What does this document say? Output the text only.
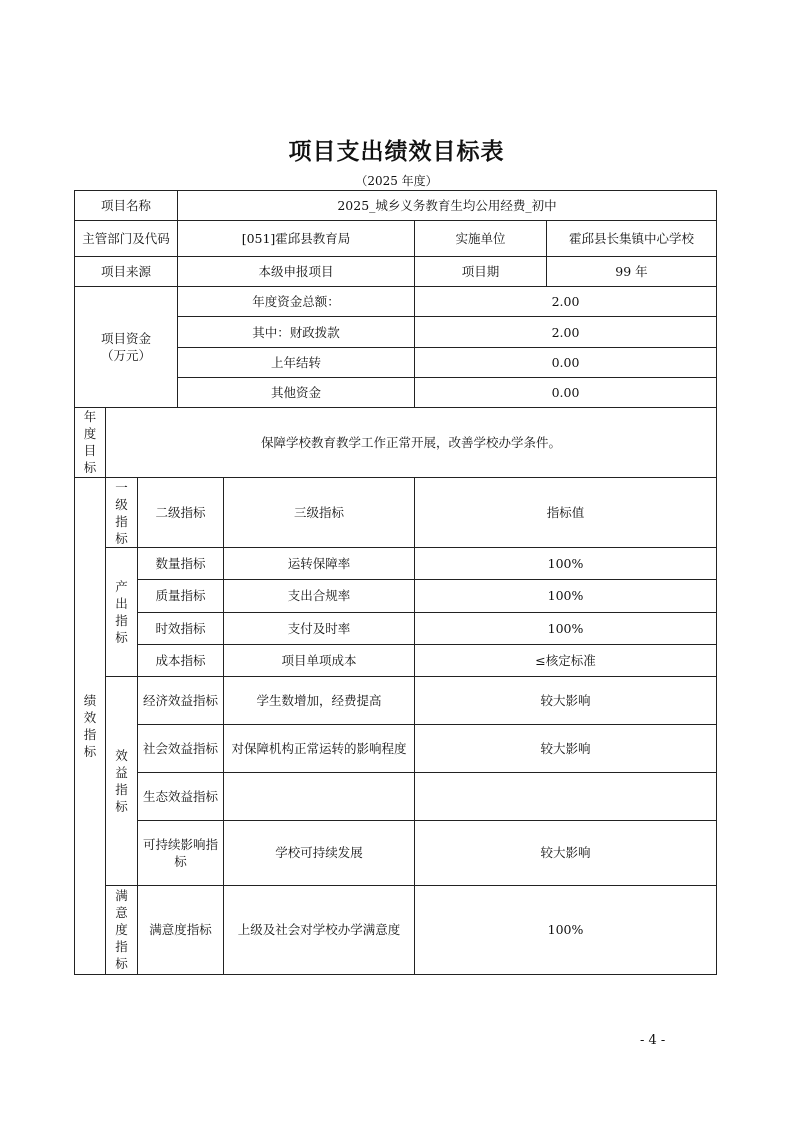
项目支出绩效目标表
（2025 年度）
项目名称			2025_城乡义务教育生均公用经费_初中			
主管部门及代码			[051]霍邱县教育局		实施单位	霍邱县长集镇中心学校
项目来源			本级申报项目		项目期	99 年
项目资金（万元）			年度资金总额：		2.00	
			其中：财政拨款		2.00	
			上年结转		0.00	
			其他资金		0.00	
年度目标	保障学校教育教学工作正常开展，改善学校办学条件。					
绩效指标	一级指标	二级指标		三级指标	指标值	
	产出指标	数量指标		运转保障率	100%	
		质量指标		支出合规率	100%	
		时效指标		支付及时率	100%	
		成本指标		项目单项成本	≤核定标准	
	效益指标	经济效益指标		学生数增加，经费提高	较大影响	
		社会效益指标		对保障机构正常运转的影响程度	较大影响	
		生态效益指标				
		可持续影响指标		学校可持续发展	较大影响	
	满意度指标	满意度指标		上级及社会对学校办学满意度	100%	
- 4 -
